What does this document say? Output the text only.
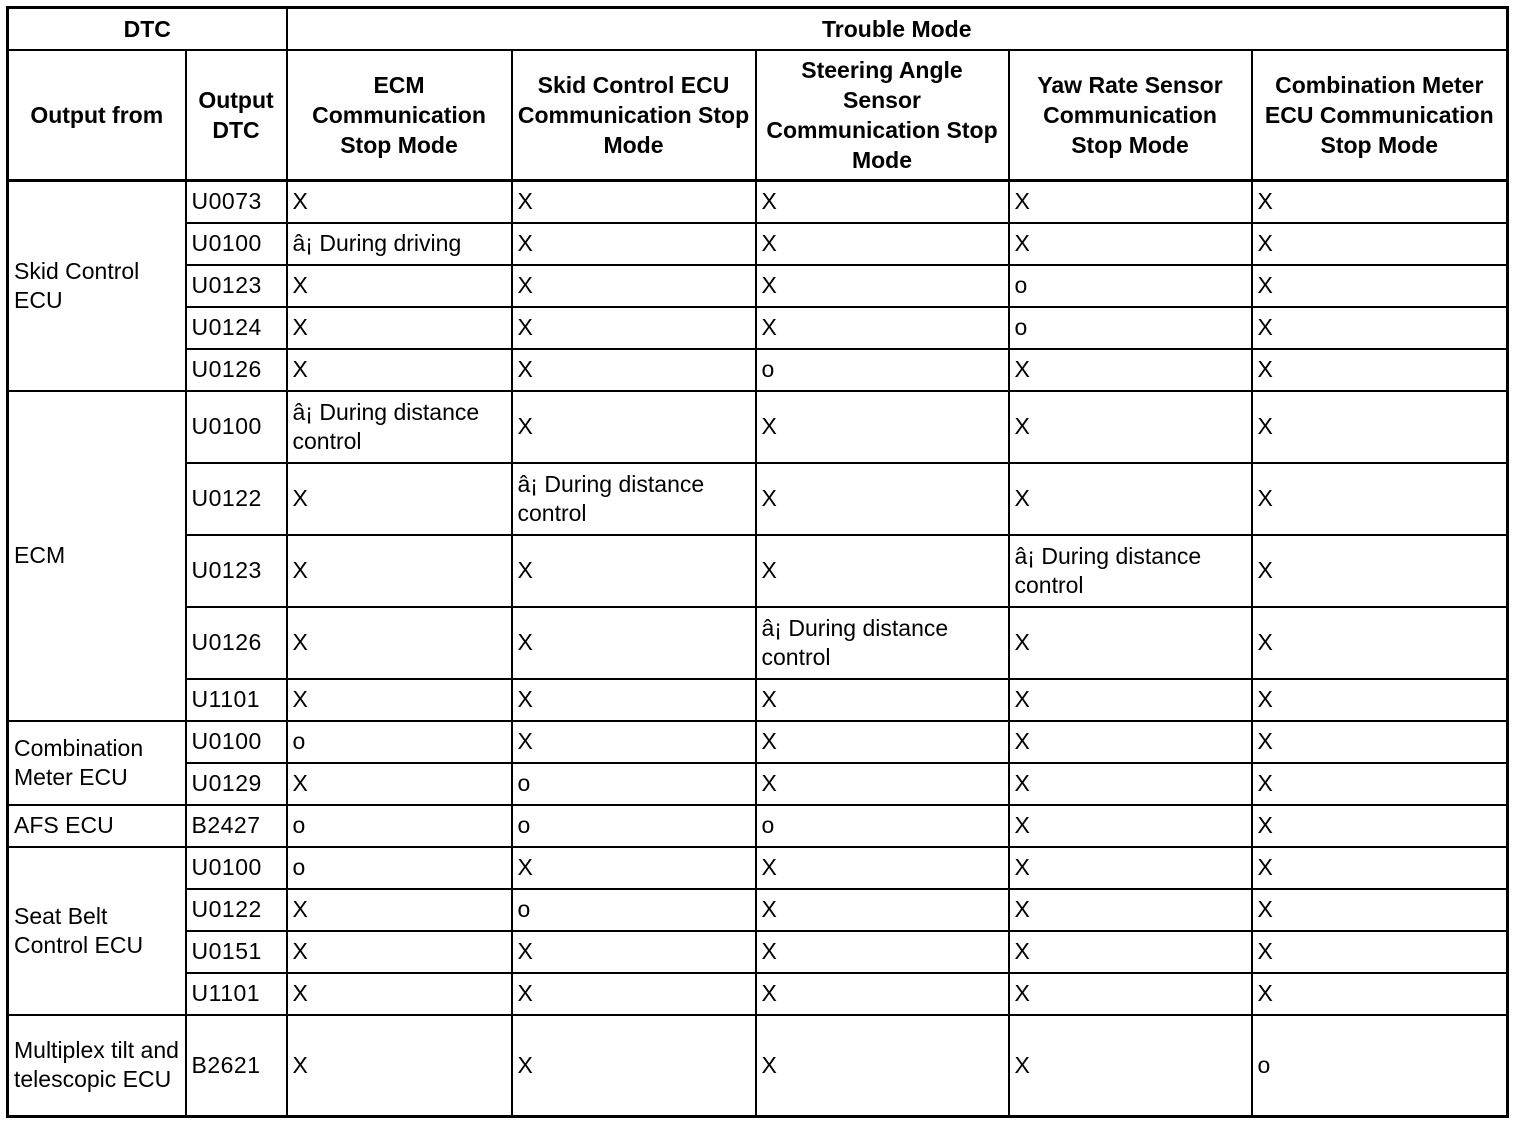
DTC		Trouble Mode				
Output from	Output DTC	ECM Communication Stop Mode	Skid Control ECU Communication Stop Mode	Steering Angle Sensor Communication Stop Mode	Yaw Rate Sensor Communication Stop Mode	Combination Meter ECU Communication Stop Mode
Skid Control ECU	U0073	X	X	X	X	X
	U0100	â¡ During driving	X	X	X	X
	U0123	X	X	X	o	X
	U0124	X	X	X	o	X
	U0126	X	X	o	X	X
ECM	U0100	â¡ During distance control	X	X	X	X
	U0122	X	â¡ During distance control	X	X	X
	U0123	X	X	X	â¡ During distance control	X
	U0126	X	X	â¡ During distance control	X	X
	U1101	X	X	X	X	X
Combination Meter ECU	U0100	o	X	X	X	X
	U0129	X	o	X	X	X
AFS ECU	B2427	o	o	o	X	X
Seat Belt Control ECU	U0100	o	X	X	X	X
	U0122	X	o	X	X	X
	U0151	X	X	X	X	X
	U1101	X	X	X	X	X
Multiplex tilt and telescopic ECU	B2621	X	X	X	X	o
